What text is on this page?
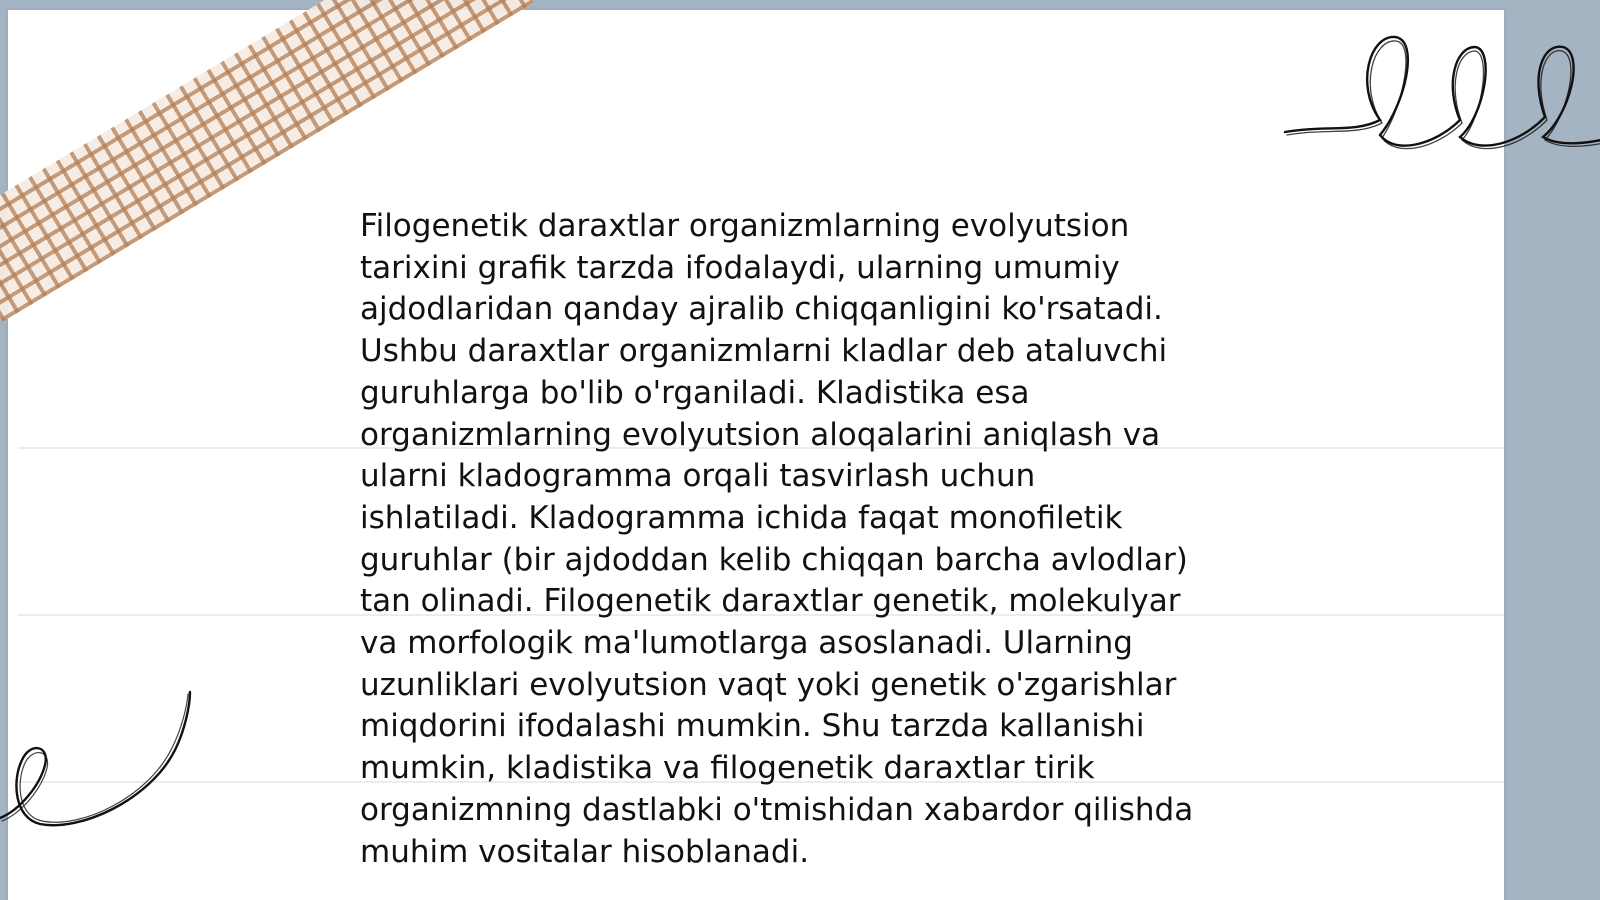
Filogenetik daraxtlar organizmlarning evolyutsion
tarixini grafik tarzda ifodalaydi, ularning umumiy
ajdodlaridan qanday ajralib chiqqanligini ko'rsatadi.
Ushbu daraxtlar organizmlarni kladlar deb ataluvchi
guruhlarga bo'lib o'rganiladi. Kladistika esa
organizmlarning evolyutsion aloqalarini aniqlash va
ularni kladogramma orqali tasvirlash uchun
ishlatiladi. Kladogramma ichida faqat monofiletik
guruhlar (bir ajdoddan kelib chiqqan barcha avlodlar)
tan olinadi. Filogenetik daraxtlar genetik, molekulyar
va morfologik ma'lumotlarga asoslanadi. Ularning
uzunliklari evolyutsion vaqt yoki genetik o'zgarishlar
miqdorini ifodalashi mumkin. Shu tarzda kallanishi
mumkin, kladistika va filogenetik daraxtlar tirik
organizmning dastlabki o'tmishidan xabardor qilishda
muhim vositalar hisoblanadi.
